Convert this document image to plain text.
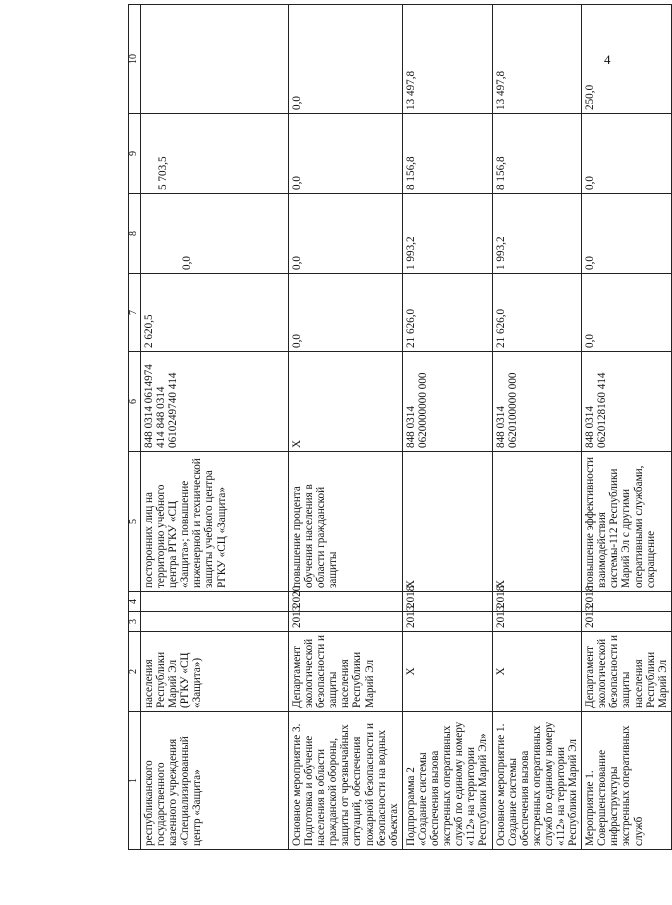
4
1	2	3	4	5	6	7	8	9	10
республиканского государственного казенного учреждения «Специализированный центр «Защита»	населения Республики Марий Эл (РГКУ «СЦ «Защита»)			посторонних лиц на территорию учебного центра РГКУ «СЦ «Защита»; повышение инженерной и технической защиты учебного центра РГКУ «СЦ «Защита»	848 0314 0614974 414 848 0314 0610249740 414	2 620,5	0,0	5 703,5	

Основное мероприятие 3. Подготовка и обучение населения в области гражданской обороны, защиты от чрезвычайных ситуаций, обеспечения пожарной безопасности и безопасности на водных объектах	Департамент экологической безопасности и защиты населения Республики Марий Эл	2013	2020	повышение процента обучения населения в области гражданской защиты	X	0,0	0,0	0,0	0,0

Подпрограмма 2 «Создание системы обеспечения вызова экстренных оперативных служб по единому номеру «112» на территории Республики Марий Эл»	X	2013	2018	X	848 0314 0620000000 000	21 626,0	1 993,2	8 156,8	13 497,8

Основное мероприятие 1. Создание системы обеспечения вызова экстренных оперативных служб по единому номеру «112» на территории Республики Марий Эл	X	2013	2018	X	848 0314 0620100000 000	21 626,0	1 993,2	8 156,8	13 497,8

Мероприятие 1. Совершенствование инфраструктуры экстренных оперативных служб	Департамент экологической безопасности и защиты населения Республики Марий Эл	2013	2018	повышение эффективности взаимодействия системы-112 Республики Марий Эл с другими оперативными службами, сокращение	848 0314 0620128160 414	0,0	0,0	0,0	250,0
